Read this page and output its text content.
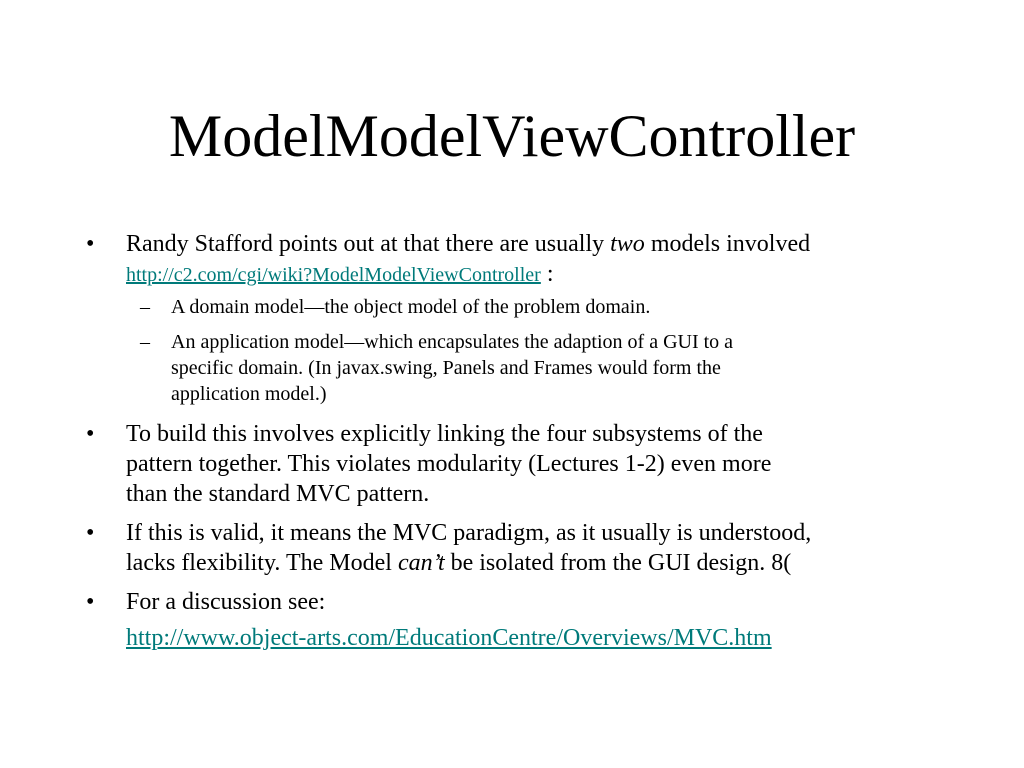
ModelModelViewController
•	Randy Stafford points out at that there are usually two models involved
http://c2.com/cgi/wiki?ModelModelViewController :
–	A domain model—the object model of the problem domain.
–	An application model—which encapsulates the adaption of a GUI to a
specific domain. (In javax.swing, Panels and Frames would form the
application model.)
•	To build this involves explicitly linking the four subsystems of the
pattern together. This violates modularity (Lectures 1-2) even more
than the standard MVC pattern.
•	If this is valid, it means the MVC paradigm, as it usually is understood,
lacks flexibility. The Model can’t be isolated from the GUI design. 8(
•	For a discussion see:
http://www.object-arts.com/EducationCentre/Overviews/MVC.htm
